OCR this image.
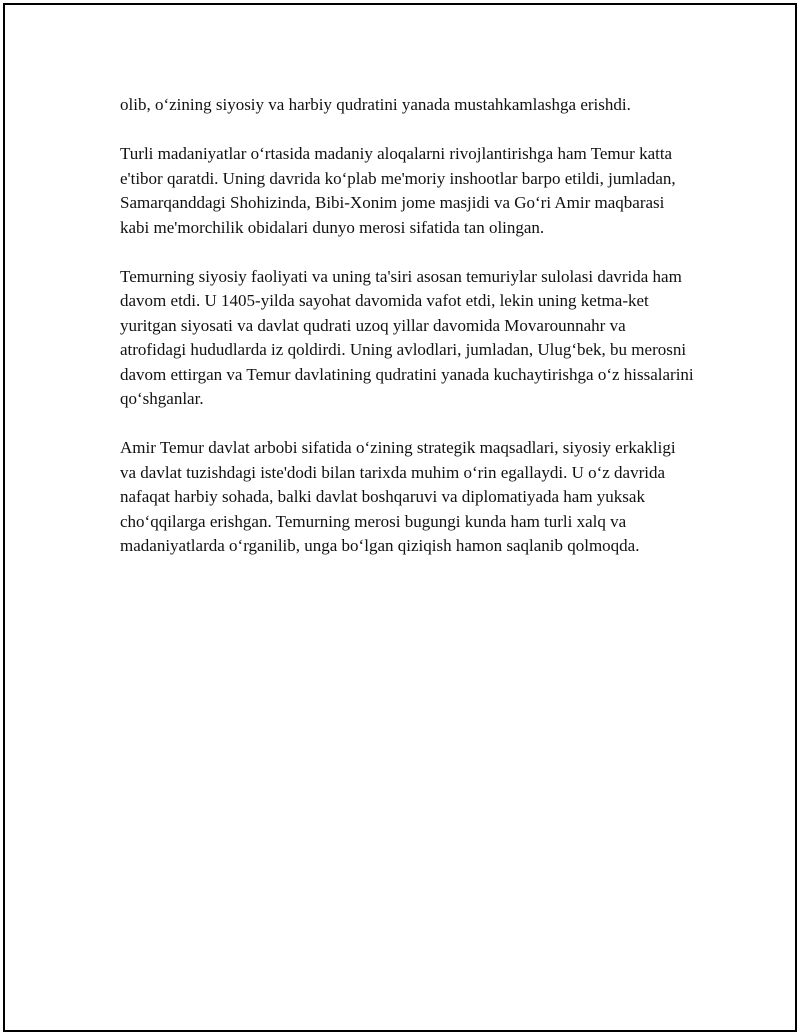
olib, o‘zining siyosiy va harbiy qudratini yanada mustahkamlashga erishdi.

Turli madaniyatlar o‘rtasida madaniy aloqalarni rivojlantirishga ham Temur katta e'tibor qaratdi. Uning davrida ko‘plab me'moriy inshootlar barpo etildi, jumladan, Samarqanddagi Shohizinda, Bibi-Xonim jome masjidi va Go‘ri Amir maqbarasi kabi me'morchilik obidalari dunyo merosi sifatida tan olingan.

Temurning siyosiy faoliyati va uning ta'siri asosan temuriylar sulolasi davrida ham davom etdi. U 1405-yilda sayohat davomida vafot etdi, lekin uning ketma-ket yuritgan siyosati va davlat qudrati uzoq yillar davomida Movarounnahr va atrofidagi hududlarda iz qoldirdi. Uning avlodlari, jumladan, Ulug‘bek, bu merosni davom ettirgan va Temur davlatining qudratini yanada kuchaytirishga o‘z hissalarini qo‘shganlar.

Amir Temur davlat arbobi sifatida o‘zining strategik maqsadlari, siyosiy erkakligi va davlat tuzishdagi iste'dodi bilan tarixda muhim o‘rin egallaydi. U o‘z davrida nafaqat harbiy sohada, balki davlat boshqaruvi va diplomatiyada ham yuksak cho‘qqilarga erishgan. Temurning merosi bugungi kunda ham turli xalq va madaniyatlarda o‘rganilib, unga bo‘lgan qiziqish hamon saqlanib qolmoqda.
